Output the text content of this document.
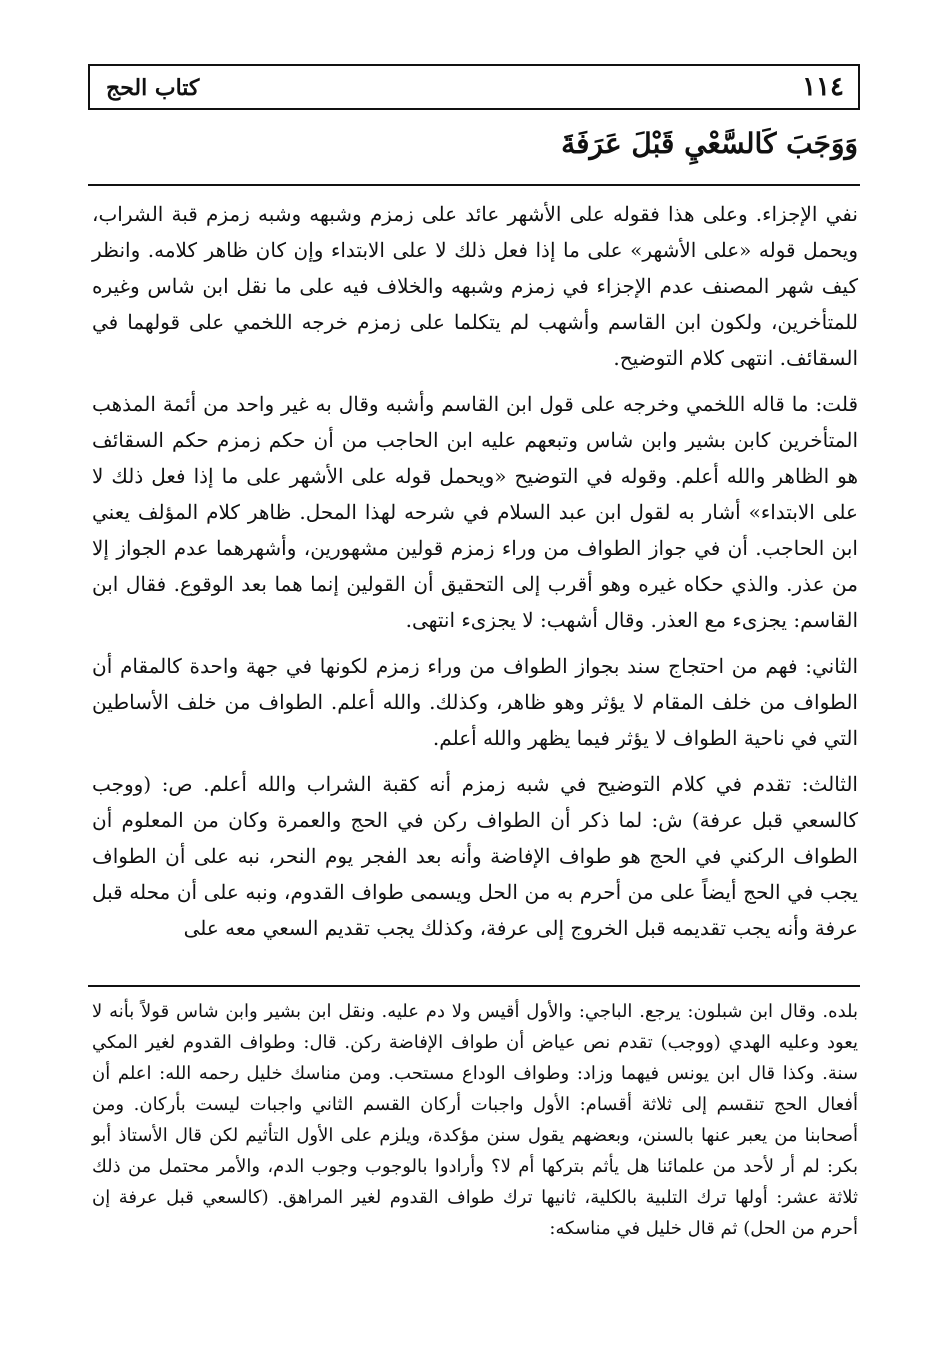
١١٤
كتاب الحج
وَوَجَبَ كَالسَّعْيِ قَبْلَ عَرَفَةَ

نفي الإجزاء. وعلى هذا فقوله على الأشهر عائد على زمزم وشبهه وشبه زمزم قبة الشراب، ويحمل قوله «على الأشهر» على ما إذا فعل ذلك لا على الابتداء وإن كان ظاهر كلامه. وانظر كيف شهر المصنف عدم الإجزاء في زمزم وشبهه والخلاف فيه على ما نقل ابن شاس وغيره للمتأخرين، ولكون ابن القاسم وأشهب لم يتكلما على زمزم خرجه اللخمي على قولهما في السقائف. انتهى كلام التوضيح.

قلت: ما قاله اللخمي وخرجه على قول ابن القاسم وأشبه وقال به غير واحد من أئمة المذهب المتأخرين كابن بشير وابن شاس وتبعهم عليه ابن الحاجب من أن حكم زمزم حكم السقائف هو الظاهر والله أعلم. وقوله في التوضيح «ويحمل قوله على الأشهر على ما إذا فعل ذلك لا على الابتداء» أشار به لقول ابن عبد السلام في شرحه لهذا المحل. ظاهر كلام المؤلف يعني ابن الحاجب. أن في جواز الطواف من وراء زمزم قولين مشهورين، وأشهرهما عدم الجواز إلا من عذر. والذي حكاه غيره وهو أقرب إلى التحقيق أن القولين إنما هما بعد الوقوع. فقال ابن القاسم: يجزىء مع العذر. وقال أشهب: لا يجزىء انتهى.

الثاني: فهم من احتجاج سند بجواز الطواف من وراء زمزم لكونها في جهة واحدة كالمقام أن الطواف من خلف المقام لا يؤثر وهو ظاهر، وكذلك. والله أعلم. الطواف من خلف الأساطين التي في ناحية الطواف لا يؤثر فيما يظهر والله أعلم.

الثالث: تقدم في كلام التوضيح في شبه زمزم أنه كقبة الشراب والله أعلم. ص: (ووجب كالسعي قبل عرفة) ش: لما ذكر أن الطواف ركن في الحج والعمرة وكان من المعلوم أن الطواف الركني في الحج هو طواف الإفاضة وأنه بعد الفجر يوم النحر، نبه على أن الطواف يجب في الحج أيضاً على من أحرم به من الحل ويسمى طواف القدوم، ونبه على أن محله قبل عرفة وأنه يجب تقديمه قبل الخروج إلى عرفة، وكذلك يجب تقديم السعي معه على

بلده. وقال ابن شبلون: يرجع. الباجي: والأول أقيس ولا دم عليه. ونقل ابن بشير وابن شاس قولاً بأنه لا يعود وعليه الهدي (ووجب) تقدم نص عياض أن طواف الإفاضة ركن. قال: وطواف القدوم لغير المكي سنة. وكذا قال ابن يونس فيهما وزاد: وطواف الوداع مستحب. ومن مناسك خليل رحمه الله: اعلم أن أفعال الحج تنقسم إلى ثلاثة أقسام: الأول واجبات أركان القسم الثاني واجبات ليست بأركان. ومن أصحابنا من يعبر عنها بالسنن، وبعضهم يقول سنن مؤكدة، ويلزم على الأول التأثيم لكن قال الأستاذ أبو بكر: لم أر لأحد من علمائنا هل يأثم بتركها أم لا؟ وأرادوا بالوجوب وجوب الدم، والأمر محتمل من ذلك ثلاثة عشر: أولها ترك التلبية بالكلية، ثانيها ترك طواف القدوم لغير المراهق. (كالسعي قبل عرفة إن أحرم من الحل) ثم قال خليل في مناسكه:
